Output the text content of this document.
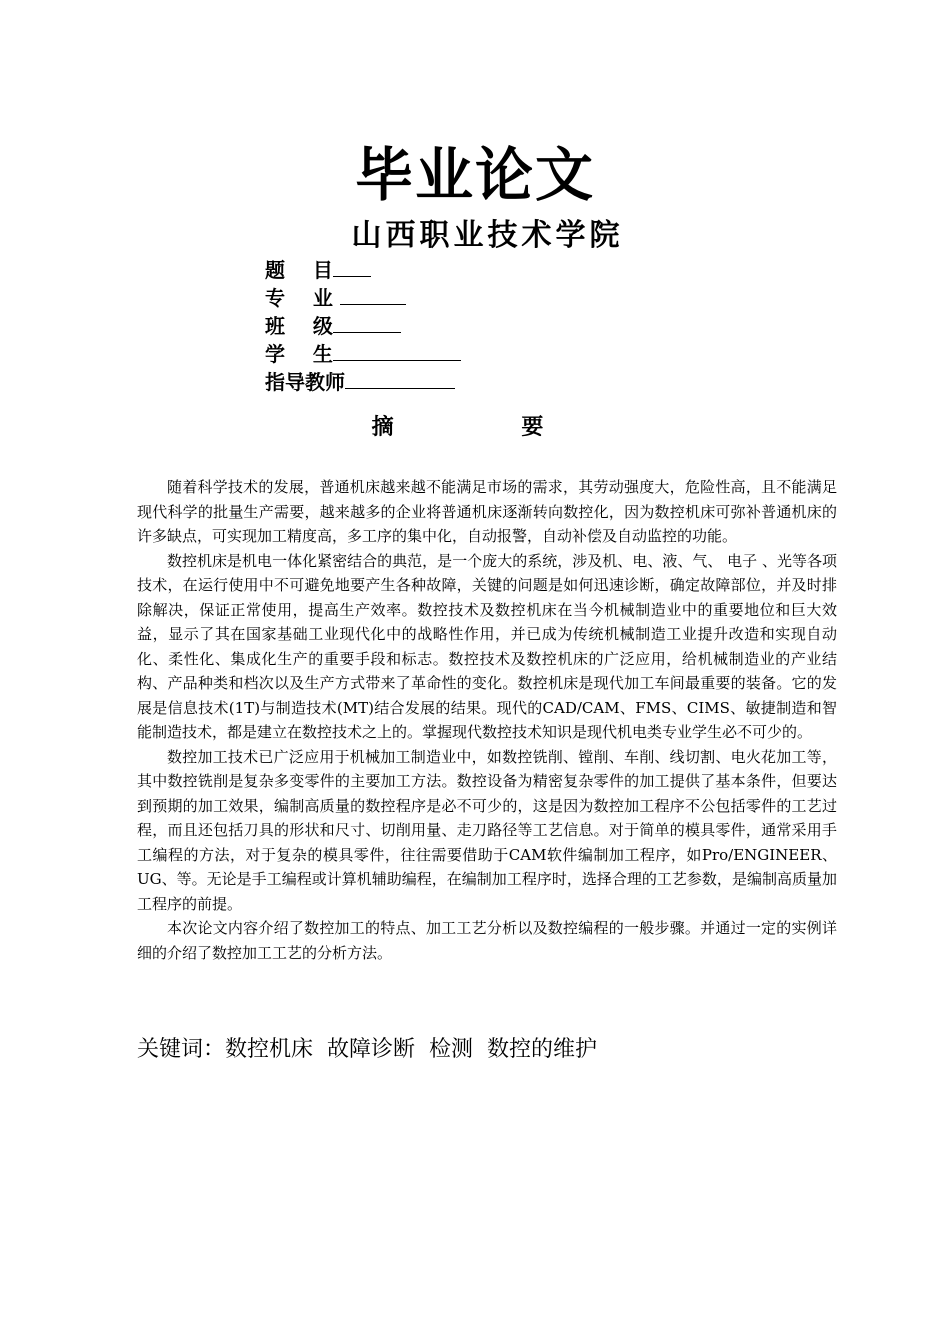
毕业论文
山西职业技术学院
题    目
专    业
班    级
学    生
指导教师
摘 要

随着科学技术的发展，普通机床越来越不能满足市场的需求，其劳动强度大，危险性高，且不能满足现代科学的批量生产需要，越来越多的企业将普通机床逐渐转向数控化，因为数控机床可弥补普通机床的许多缺点，可实现加工精度高，多工序的集中化，自动报警，自动补偿及自动监控的功能。

数控机床是机电一体化紧密结合的典范，是一个庞大的系统，涉及机、电、液、气、 电子 、光等各项技术，在运行使用中不可避免地要产生各种故障，关键的问题是如何迅速诊断，确定故障部位，并及时排除解决，保证正常使用，提高生产效率。数控技术及数控机床在当今机械制造业中的重要地位和巨大效益，显示了其在国家基础工业现代化中的战略性作用，并已成为传统机械制造工业提升改造和实现自动化、柔性化、集成化生产的重要手段和标志。数控技术及数控机床的广泛应用，给机械制造业的产业结构、产品种类和档次以及生产方式带来了革命性的变化。数控机床是现代加工车间最重要的装备。它的发展是信息技术(1T)与制造技术(MT)结合发展的结果。现代的CAD/CAM、FMS、CIMS、敏捷制造和智能制造技术，都是建立在数控技术之上的。掌握现代数控技术知识是现代机电类专业学生必不可少的。

数控加工技术已广泛应用于机械加工制造业中，如数控铣削、镗削、车削、线切割、电火花加工等，其中数控铣削是复杂多变零件的主要加工方法。数控设备为精密复杂零件的加工提供了基本条件，但要达到预期的加工效果，编制高质量的数控程序是必不可少的，这是因为数控加工程序不公包括零件的工艺过程，而且还包括刀具的形状和尺寸、切削用量、走刀路径等工艺信息。对于简单的模具零件，通常采用手工编程的方法，对于复杂的模具零件，往往需要借助于CAM软件编制加工程序，如Pro/ENGINEER、UG、等。无论是手工编程或计算机辅助编程，在编制加工程序时，选择合理的工艺参数，是编制高质量加工程序的前提。

本次论文内容介绍了数控加工的特点、加工工艺分析以及数控编程的一般步骤。并通过一定的实例详细的介绍了数控加工工艺的分析方法。

关键词：数控机床  故障诊断  检测  数控的维护
